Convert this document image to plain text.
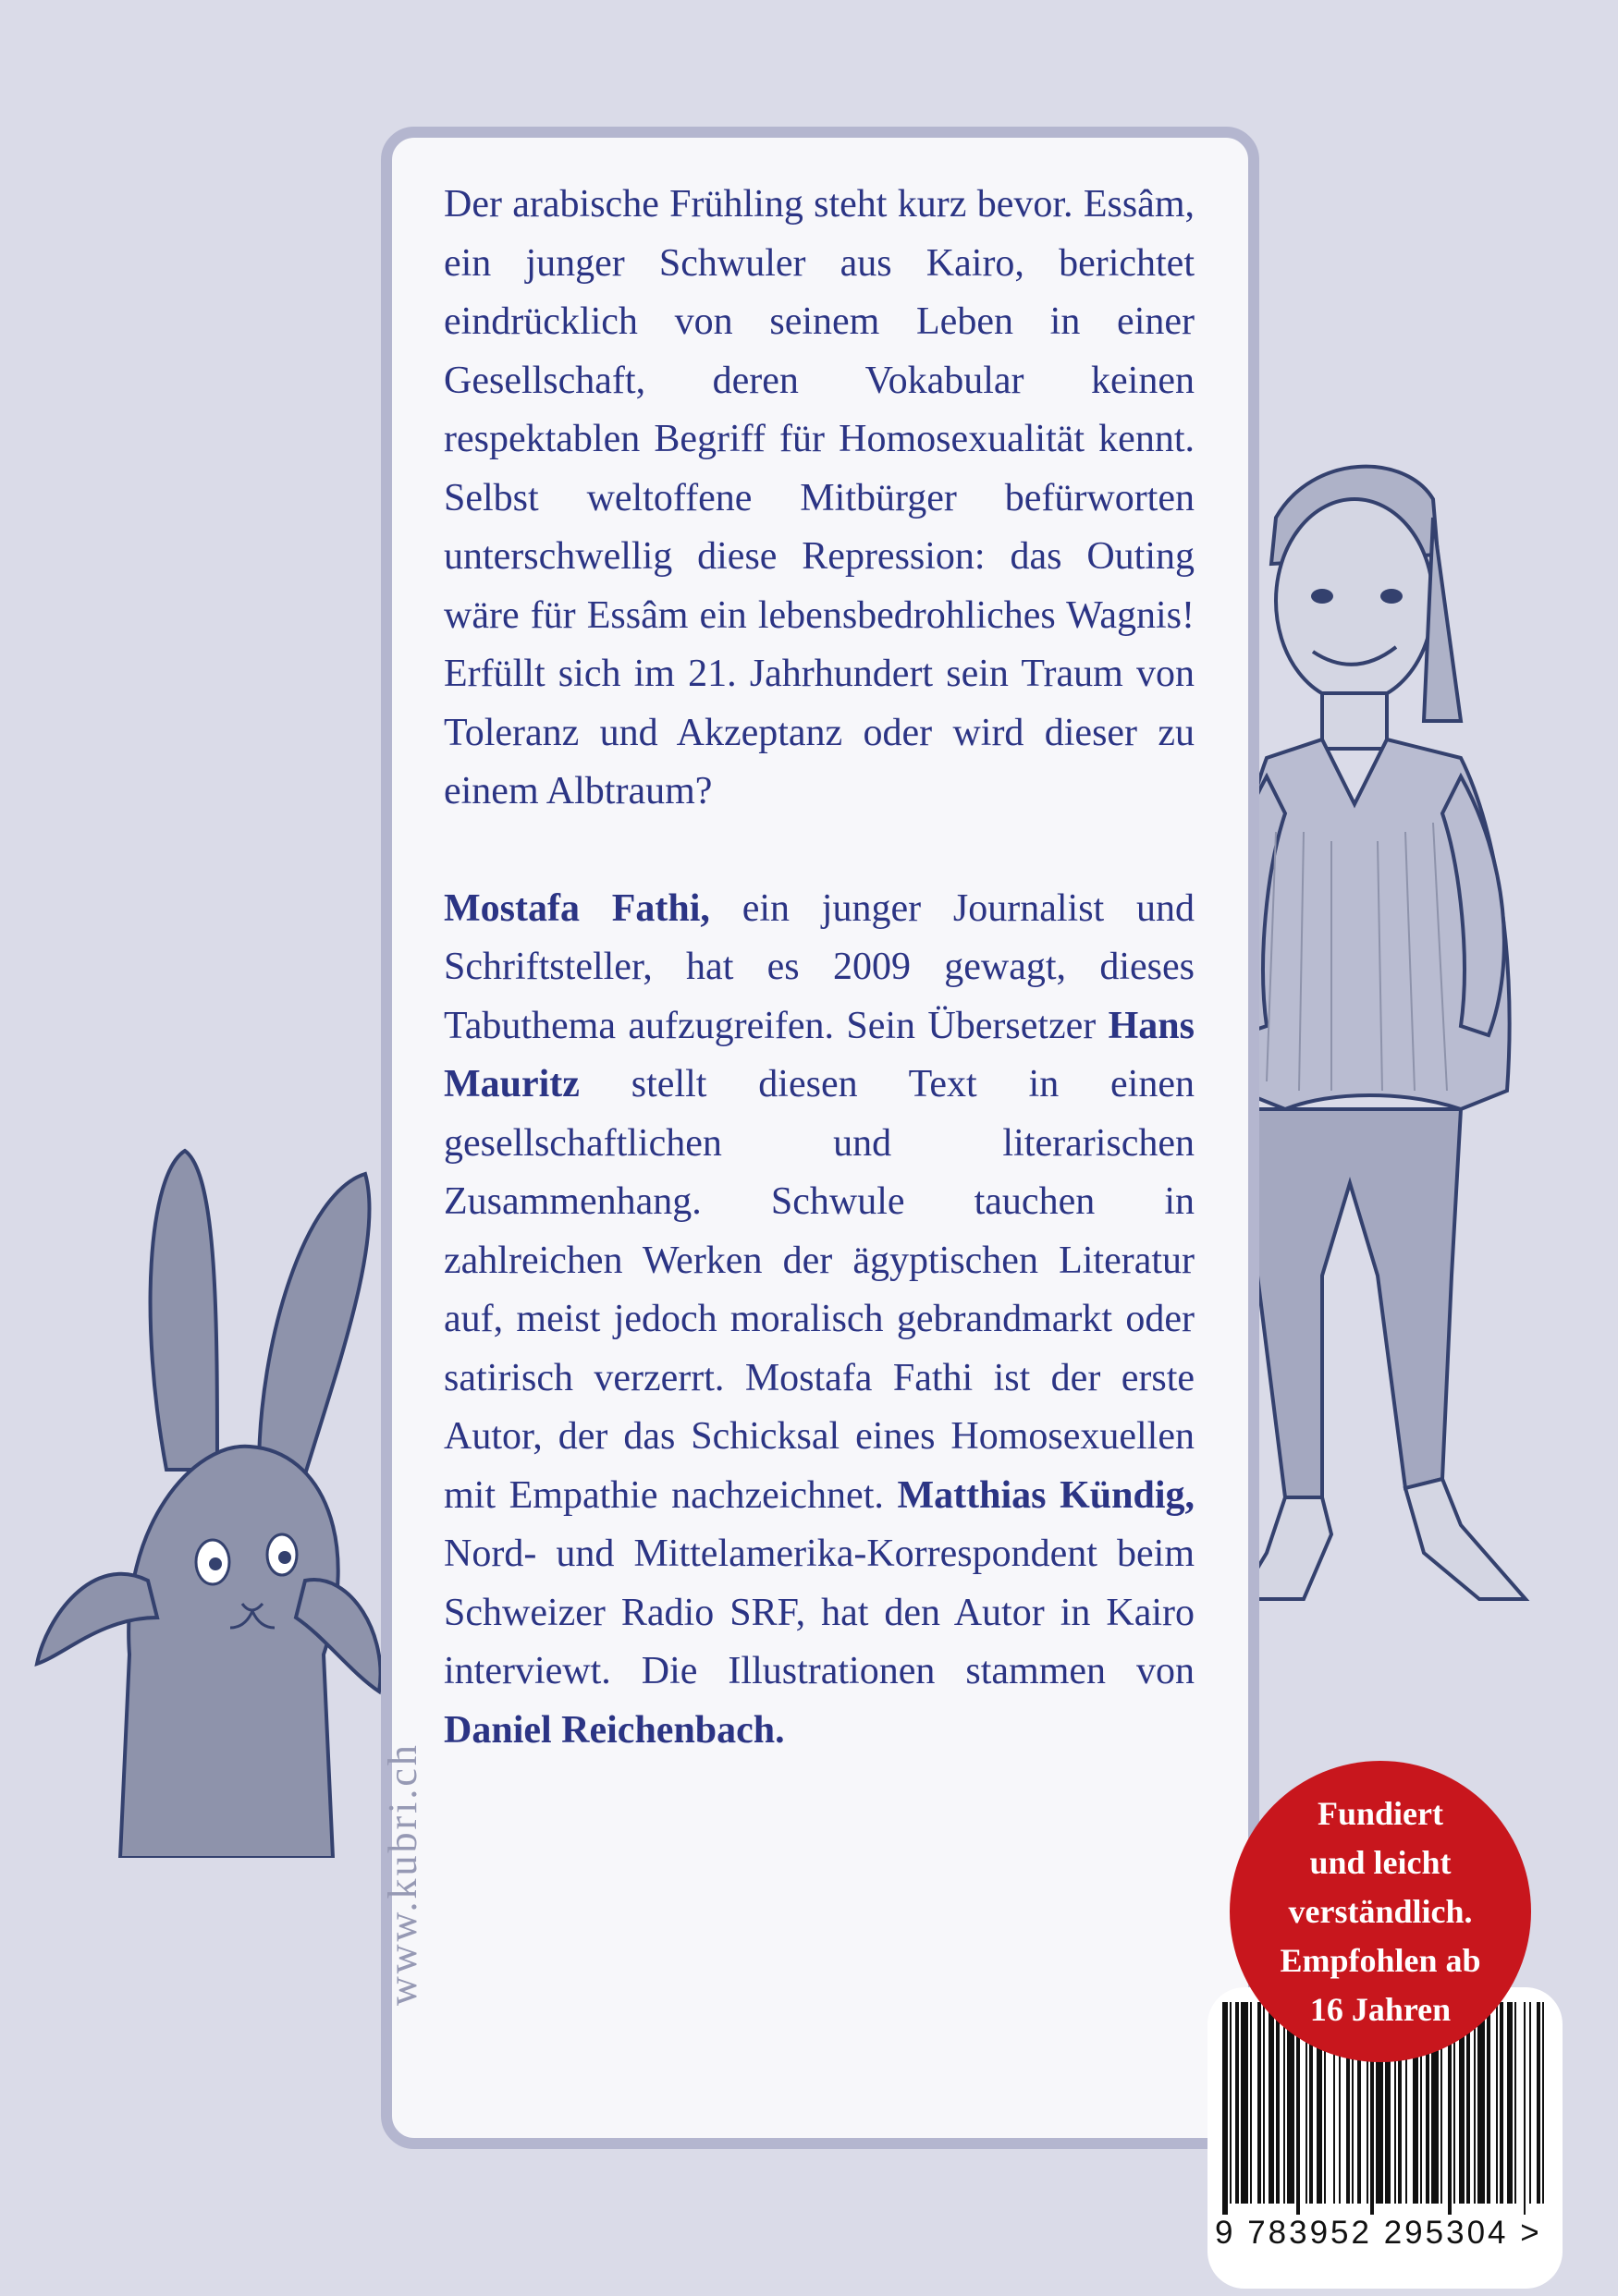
Der arabische Frühling steht kurz bevor. Essâm, ein junger Schwuler aus Kairo, berichtet eindrücklich von seinem Leben in einer Gesellschaft, deren Vokabular keinen respektablen Begriff für Homosexualität kennt. Selbst weltoffene Mitbürger befürworten unterschwellig diese Repression: das Outing wäre für Essâm ein lebensbedrohliches Wagnis! Erfüllt sich im 21. Jahrhundert sein Traum von Toleranz und Akzeptanz oder wird dieser zu einem Albtraum?

Mostafa Fathi, ein junger Journalist und Schriftsteller, hat es 2009 gewagt, dieses Tabuthema aufzugreifen. Sein Übersetzer Hans Mauritz stellt diesen Text in einen gesellschaftlichen und literarischen Zusammenhang. Schwule tauchen in zahlreichen Werken der ägyptischen Literatur auf, meist jedoch moralisch gebrandmarkt oder satirisch verzerrt. Mostafa Fathi ist der erste Autor, der das Schicksal eines Homosexuellen mit Empathie nachzeichnet. Matthias Kündig, Nord- und Mittelamerika-Korrespondent beim Schweizer Radio SRF, hat den Autor in Kairo interviewt. Die Illustrationen stammen von Daniel Reichenbach.

www.kubri.ch
9 783952 295304 >
Fundiert
und leicht
verständlich.
Empfohlen ab
16 Jahren
